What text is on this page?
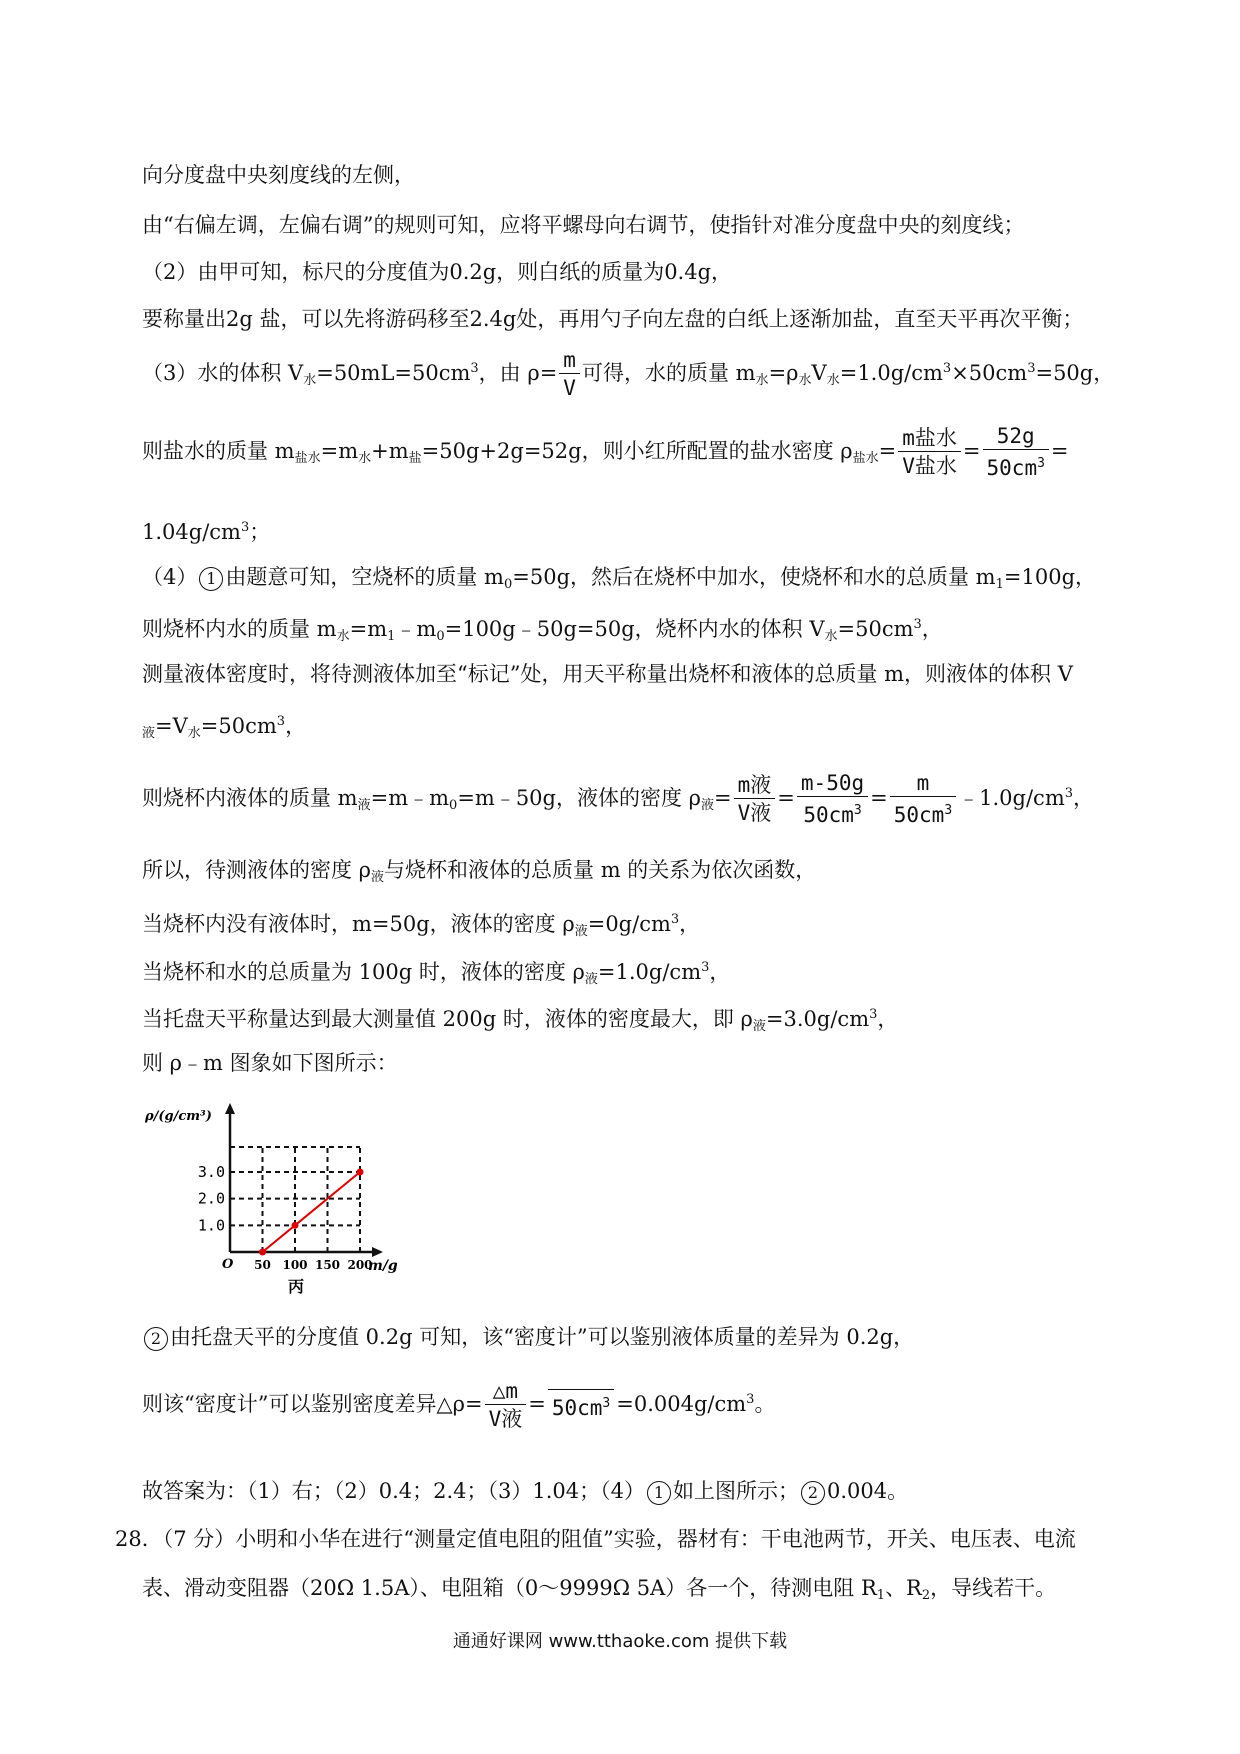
向分度盘中央刻度线的左侧，
由“右偏左调，左偏右调”的规则可知，应将平螺母向右调节，使指针对准分度盘中央的刻度线；
（2）由甲可知，标尺的分度值为0.2g，则白纸的质量为0.4g，
要称量出2g 盐，可以先将游码移至2.4g处，再用勺子向左盘的白纸上逐渐加盐，直至天平再次平衡；
（3）水的体积 $V_水=50mL=50cm^3$，由 $\rho= \frac{m}{V}$ 可得，水的质量 $m_水=\rho_水V_水=1.0g/cm^3\times 50cm^3=50g$，
则盐水的质量 $m_{盐水}=m_水+m_盐=50g+2g=52g$，则小红所配置的盐水密度 $\rho_{盐水}= \frac{\text{m盐水}}{\text{V盐水}} = \frac{52g}{50cm^3}$ =
$1.04g/cm^3$；
（4） 1 由题意可知，空烧杯的质量 $m_0=50g$，然后在烧杯中加水，使烧杯和水的总质量 $m_1=100g$，
则烧杯内水的质量 $m_水=m_1﹣m_0=100g﹣50g=50g$，烧杯内水的体积 $V_水=50cm^3$，
测量液体密度时，将待测液体加至“标记”处，用天平称量出烧杯和液体的总质量 m，则液体的体积 V
$_液=V_水=50cm^3$，
则烧杯内液体的质量 $m_液=m﹣m_0=m﹣50g$，液体的密度 $\rho_液= \frac{\text{m液}}{\text{V液}} = \frac{m-50g}{50cm^3} = \frac{m}{50cm^3}$ $﹣1.0g/cm^3$，
所以，待测液体的密度 $\rho_液$与烧杯和液体的总质量 m 的关系为依次函数，
当烧杯内没有液体时，m=50g，液体的密度 $\rho_液=0g/cm^3$，
当烧杯和水的总质量为 100g 时，液体的密度 $\rho_液=1.0g/cm^3$，
当托盘天平称量达到最大测量值 200g 时，液体的密度最大，即 $\rho_液=3.0g/cm^3$，
则 ρ﹣m 图象如下图所示：
50 100 150 200
1.0
2.0
3.0
ρ/(g/cm³)
m/g
O
丙
2 由托盘天平的分度值 0.2g 可知，该“密度计”可以鉴别液体质量的差异为 0.2g，
则该“密度计”可以鉴别密度差异△ρ= $\frac{\triangle m}{\text{V液}} = 50cm^3 =0.004g/cm^3$。
故答案为：（1）右；（2）0.4；2.4；（3）1.04；（4） 1 如上图所示； 2 0.004。
28．（7 分）小明和小华在进行“测量定值电阻的阻值”实验，器材有：干电池两节，开关、电压表、电流
表、滑动变阻器（20Ω 1.5A）、电阻箱（0～9999Ω 5A）各一个，待测电阻 $R_1$、$R_2$，导线若干。
通通好课网 www.tthaoke.com 提供下载
